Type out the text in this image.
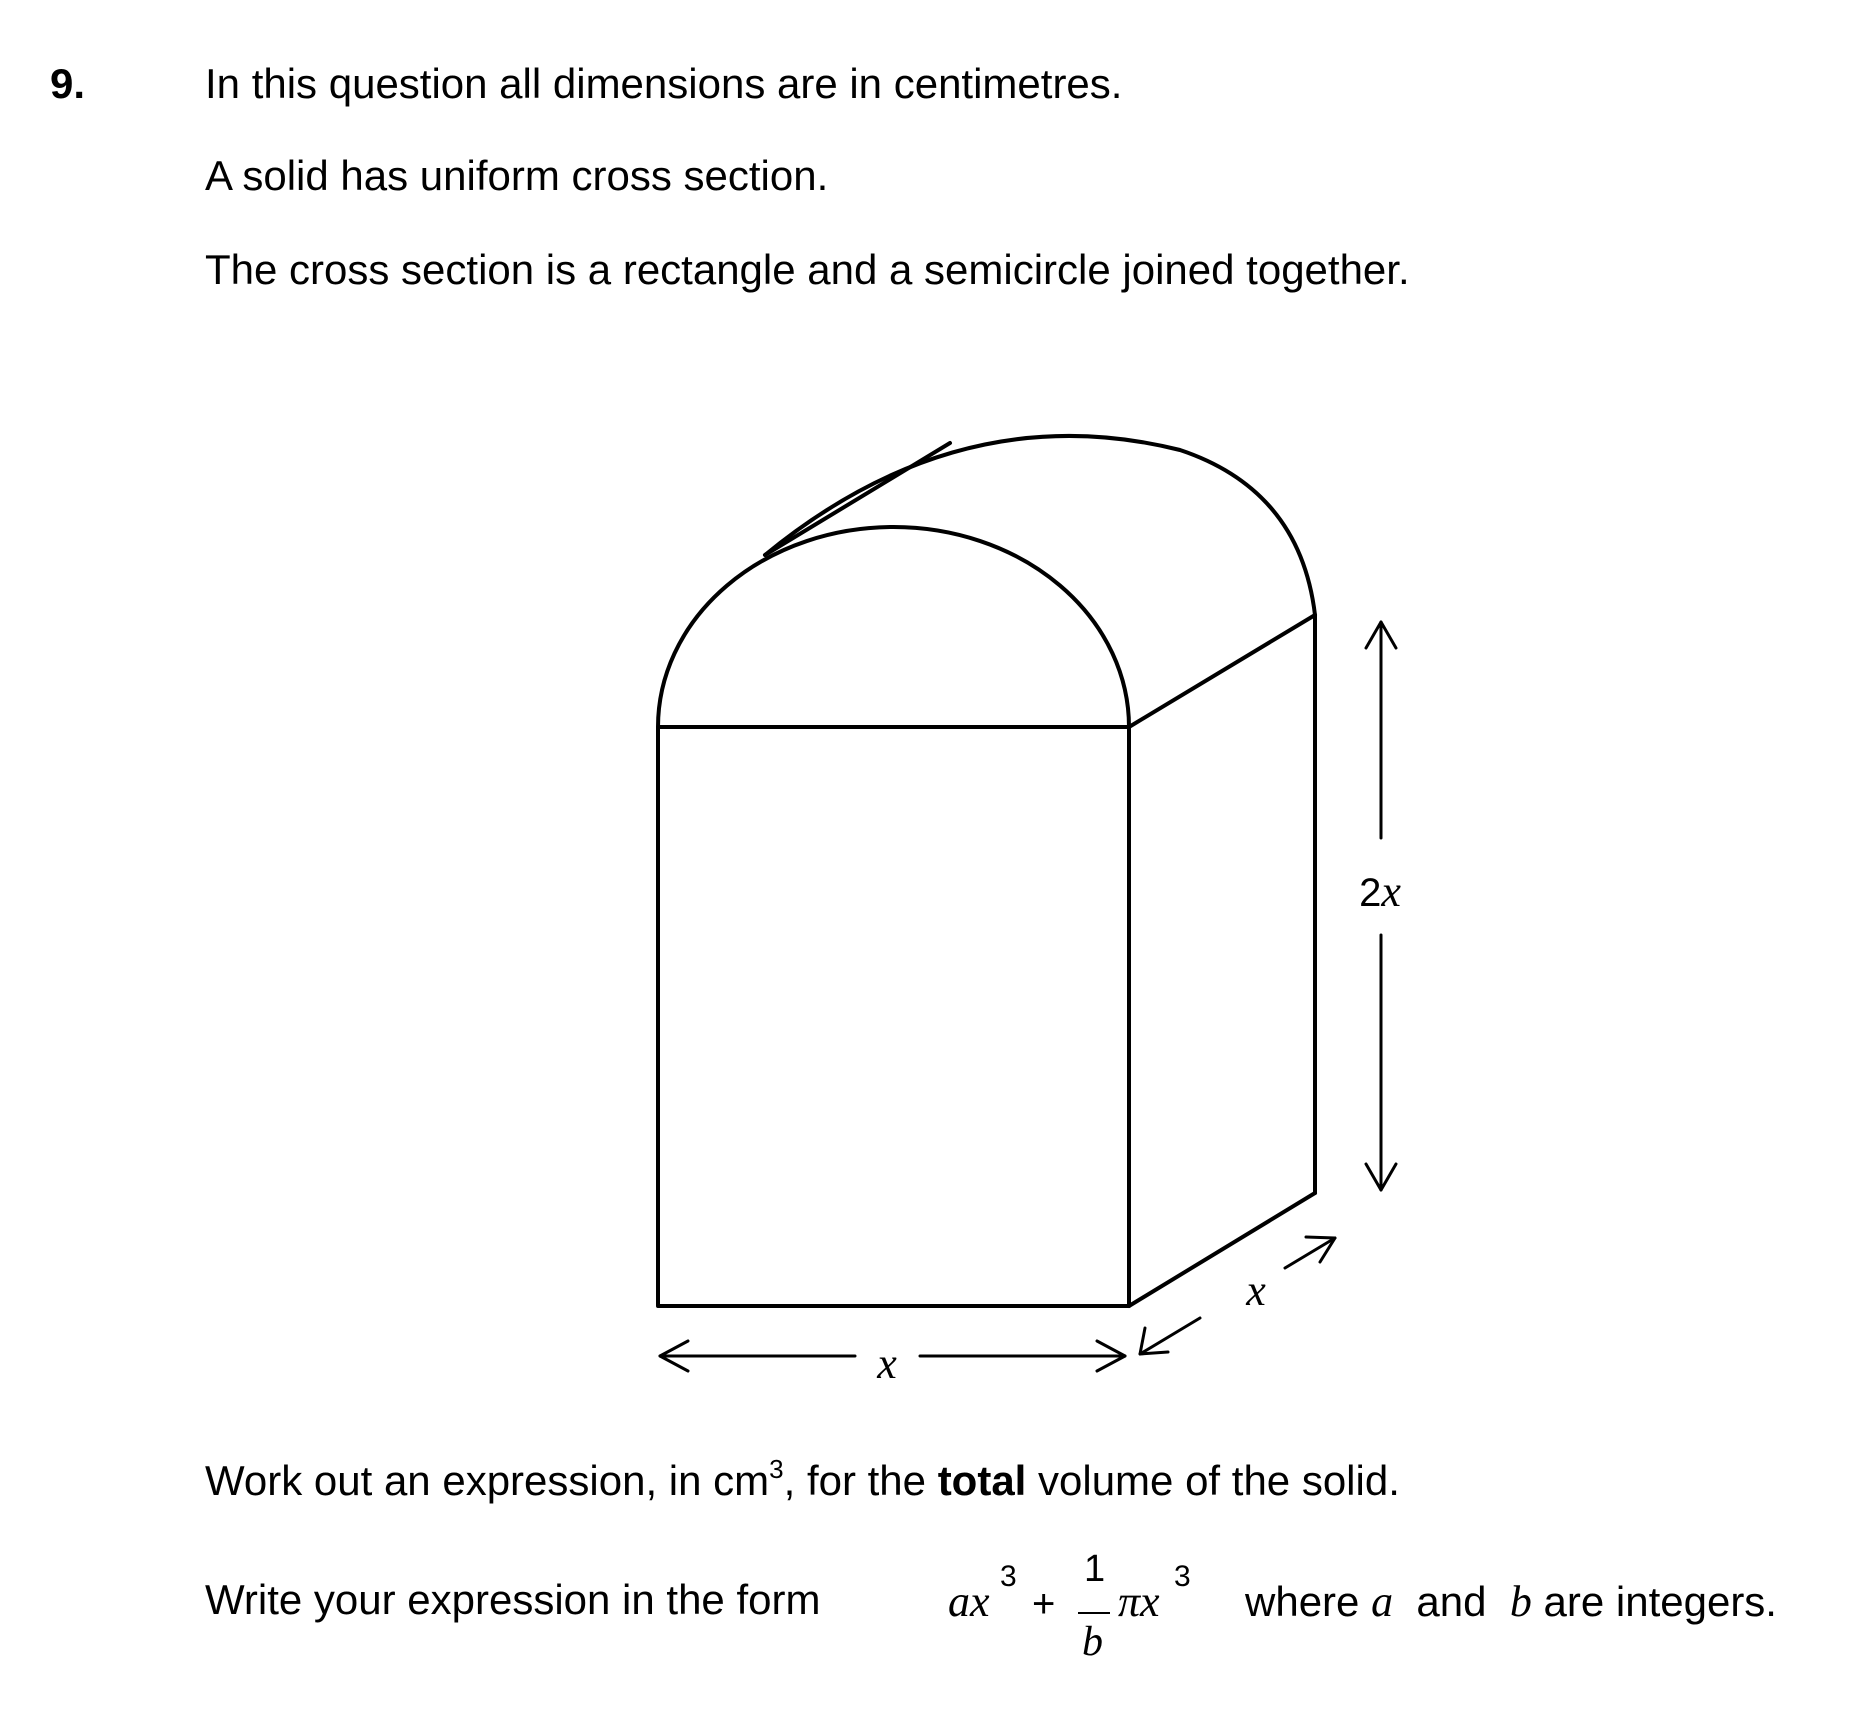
9.	In this question all dimensions are in centimetres.
A solid has uniform cross section.
The cross section is a rectangle and a semicircle joined together.
x
x
2x
Work out an expression, in $cm^3$, for the total volume of the solid.
Write your expression in the form	ax
3
+
1
b
πx
3
where a and b are integers.
